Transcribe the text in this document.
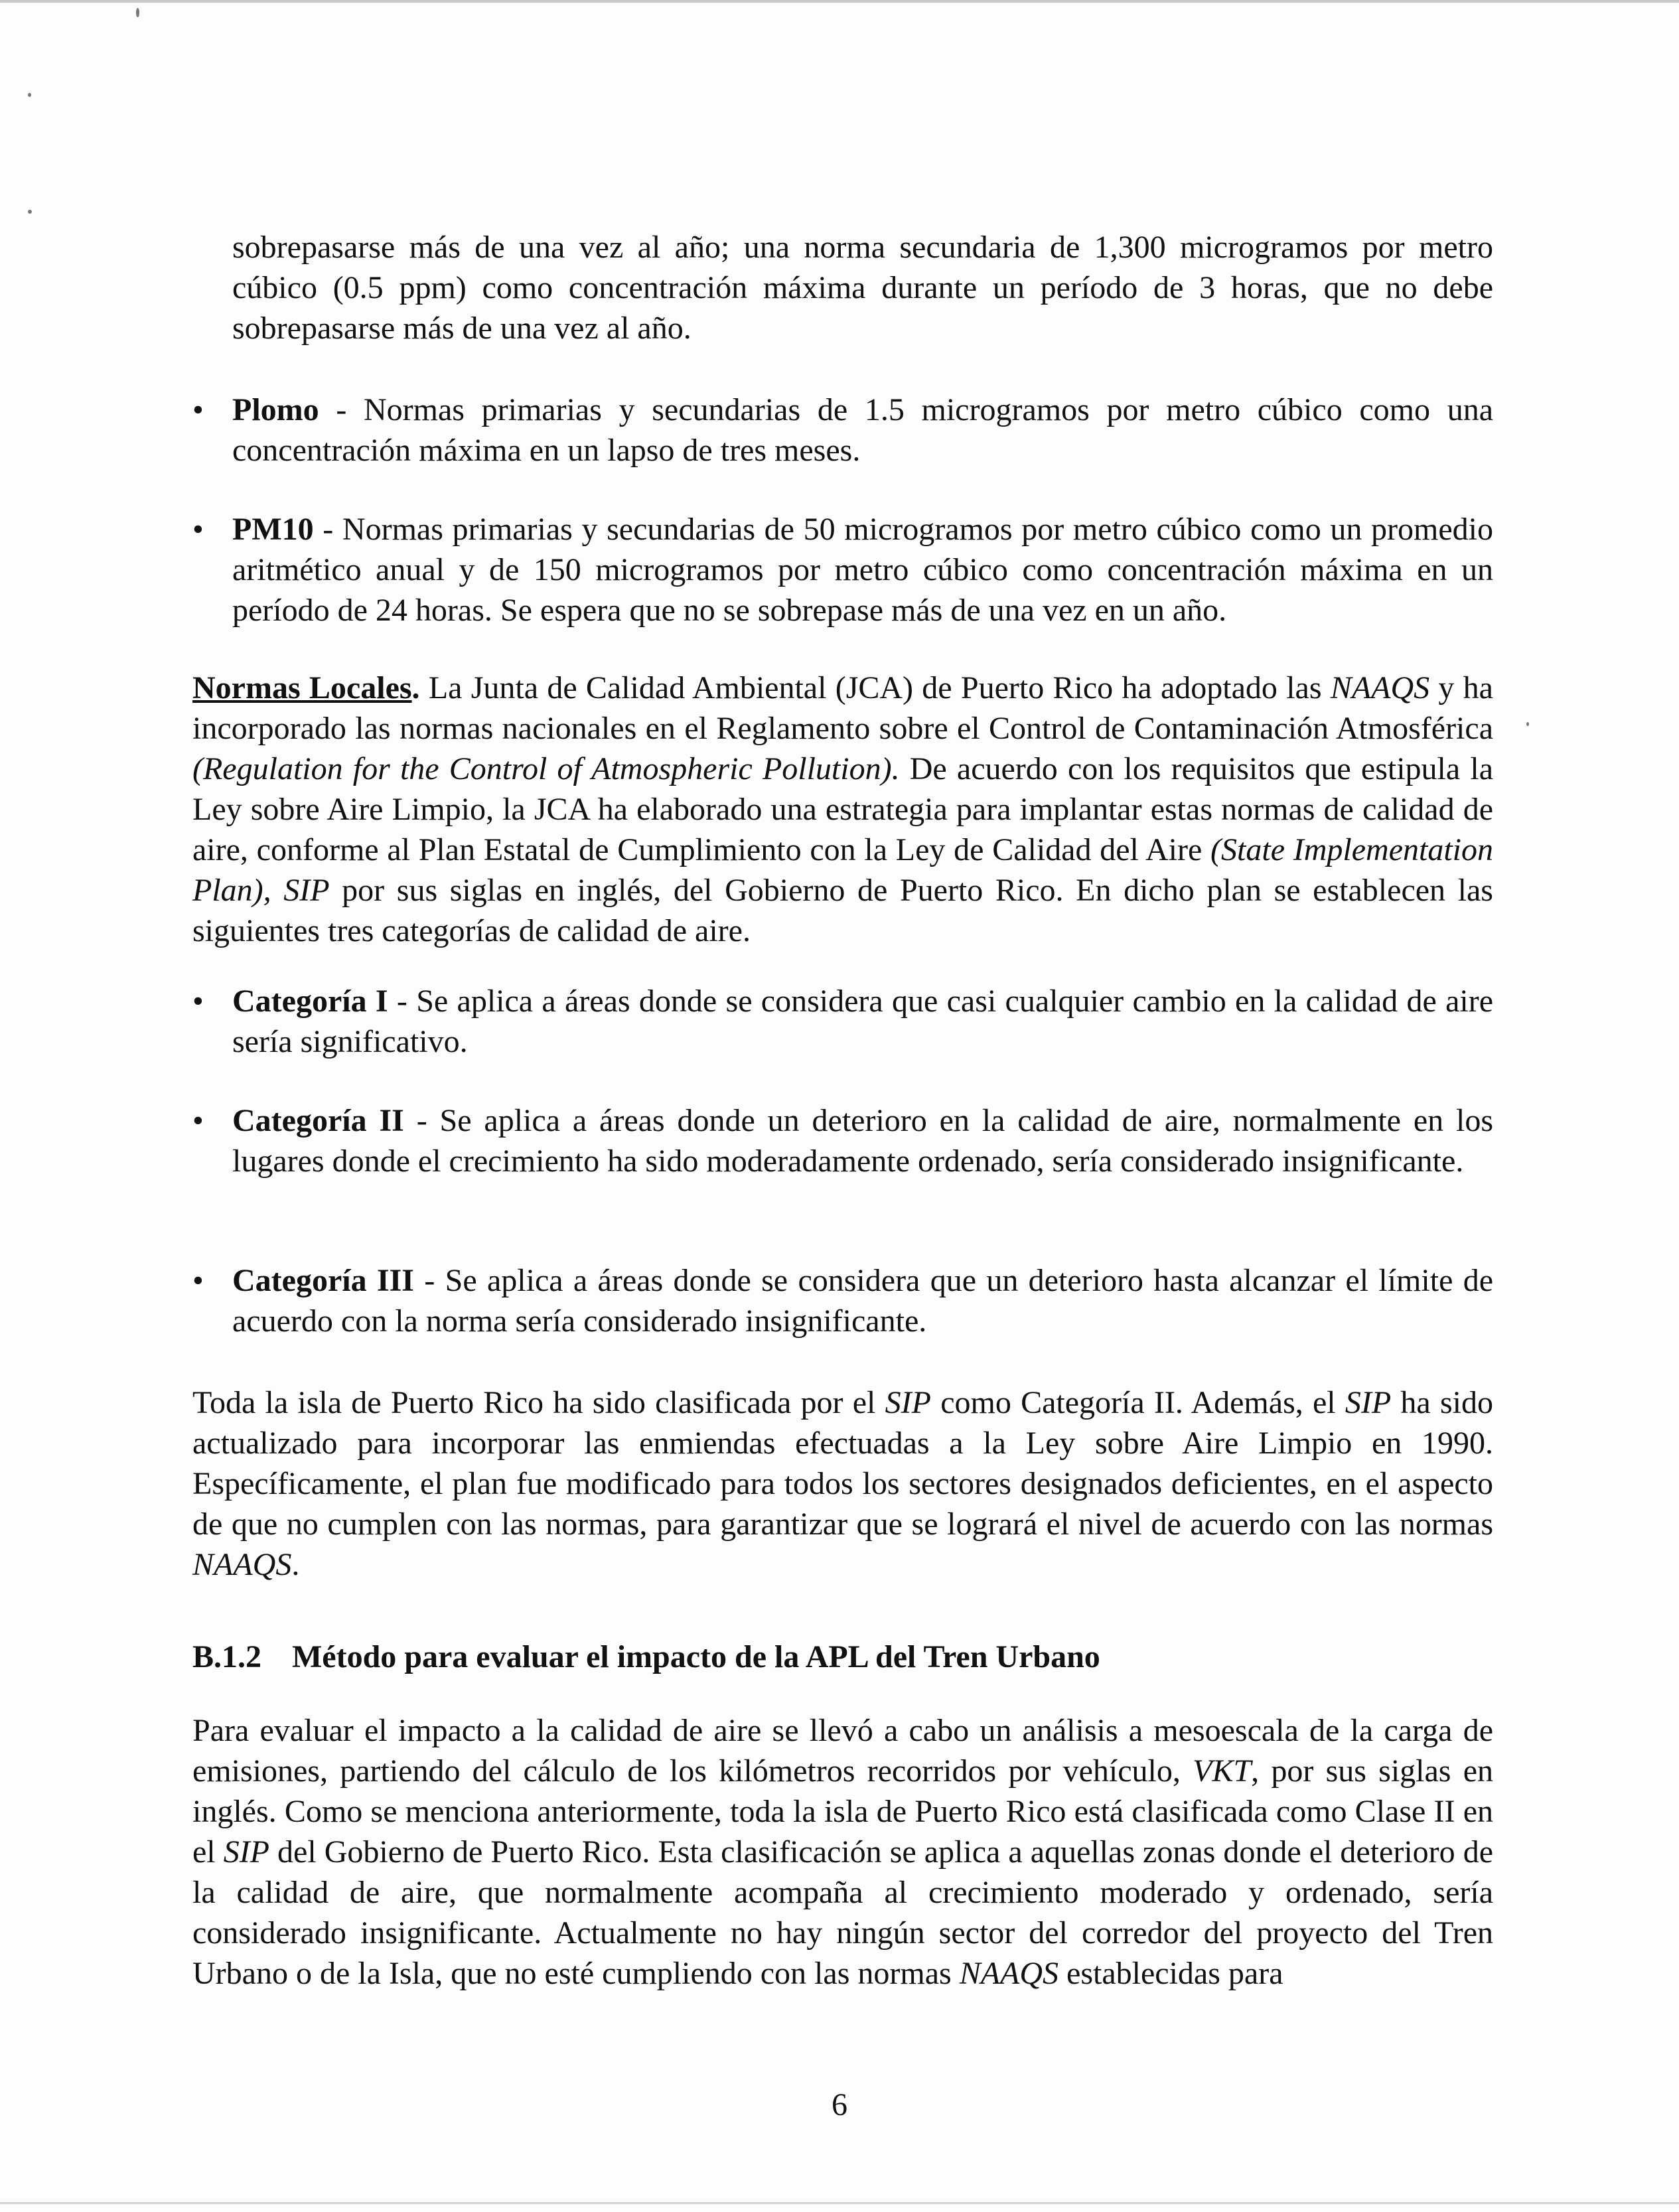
sobrepasarse más de una vez al año; una norma secundaria de 1,300 microgramos por metro cúbico (0.5 ppm) como concentración máxima durante un período de 3 horas, que no debe sobrepasarse más de una vez al año.
• Plomo - Normas primarias y secundarias de 1.5 microgramos por metro cúbico como una concentración máxima en un lapso de tres meses.
• PM10 - Normas primarias y secundarias de 50 microgramos por metro cúbico como un promedio aritmético anual y de 150 microgramos por metro cúbico como concentración máxima en un período de 24 horas. Se espera que no se sobrepase más de una vez en un año.
Normas Locales. La Junta de Calidad Ambiental (JCA) de Puerto Rico ha adoptado las NAAQS y ha incorporado las normas nacionales en el Reglamento sobre el Control de Contaminación Atmosférica (Regulation for the Control of Atmospheric Pollution). De acuerdo con los requisitos que estipula la Ley sobre Aire Limpio, la JCA ha elaborado una estrategia para implantar estas normas de calidad de aire, conforme al Plan Estatal de Cumplimiento con la Ley de Calidad del Aire (State Implementation Plan), SIP por sus siglas en inglés, del Gobierno de Puerto Rico. En dicho plan se establecen las siguientes tres categorías de calidad de aire.
• Categoría I - Se aplica a áreas donde se considera que casi cualquier cambio en la calidad de aire sería significativo.
• Categoría II - Se aplica a áreas donde un deterioro en la calidad de aire, normalmente en los lugares donde el crecimiento ha sido moderadamente ordenado, sería considerado insignificante.
• Categoría III - Se aplica a áreas donde se considera que un deterioro hasta alcanzar el límite de acuerdo con la norma sería considerado insignificante.
Toda la isla de Puerto Rico ha sido clasificada por el SIP como Categoría II. Además, el SIP ha sido actualizado para incorporar las enmiendas efectuadas a la Ley sobre Aire Limpio en 1990. Específicamente, el plan fue modificado para todos los sectores designados deficientes, en el aspecto de que no cumplen con las normas, para garantizar que se logrará el nivel de acuerdo con las normas NAAQS.
B.1.2 Método para evaluar el impacto de la APL del Tren Urbano
Para evaluar el impacto a la calidad de aire se llevó a cabo un análisis a mesoescala de la carga de emisiones, partiendo del cálculo de los kilómetros recorridos por vehículo, VKT, por sus siglas en inglés. Como se menciona anteriormente, toda la isla de Puerto Rico está clasificada como Clase II en el SIP del Gobierno de Puerto Rico. Esta clasificación se aplica a aquellas zonas donde el deterioro de la calidad de aire, que normalmente acompaña al crecimiento moderado y ordenado, sería considerado insignificante. Actualmente no hay ningún sector del corredor del proyecto del Tren Urbano o de la Isla, que no esté cumpliendo con las normas NAAQS establecidas para
6
